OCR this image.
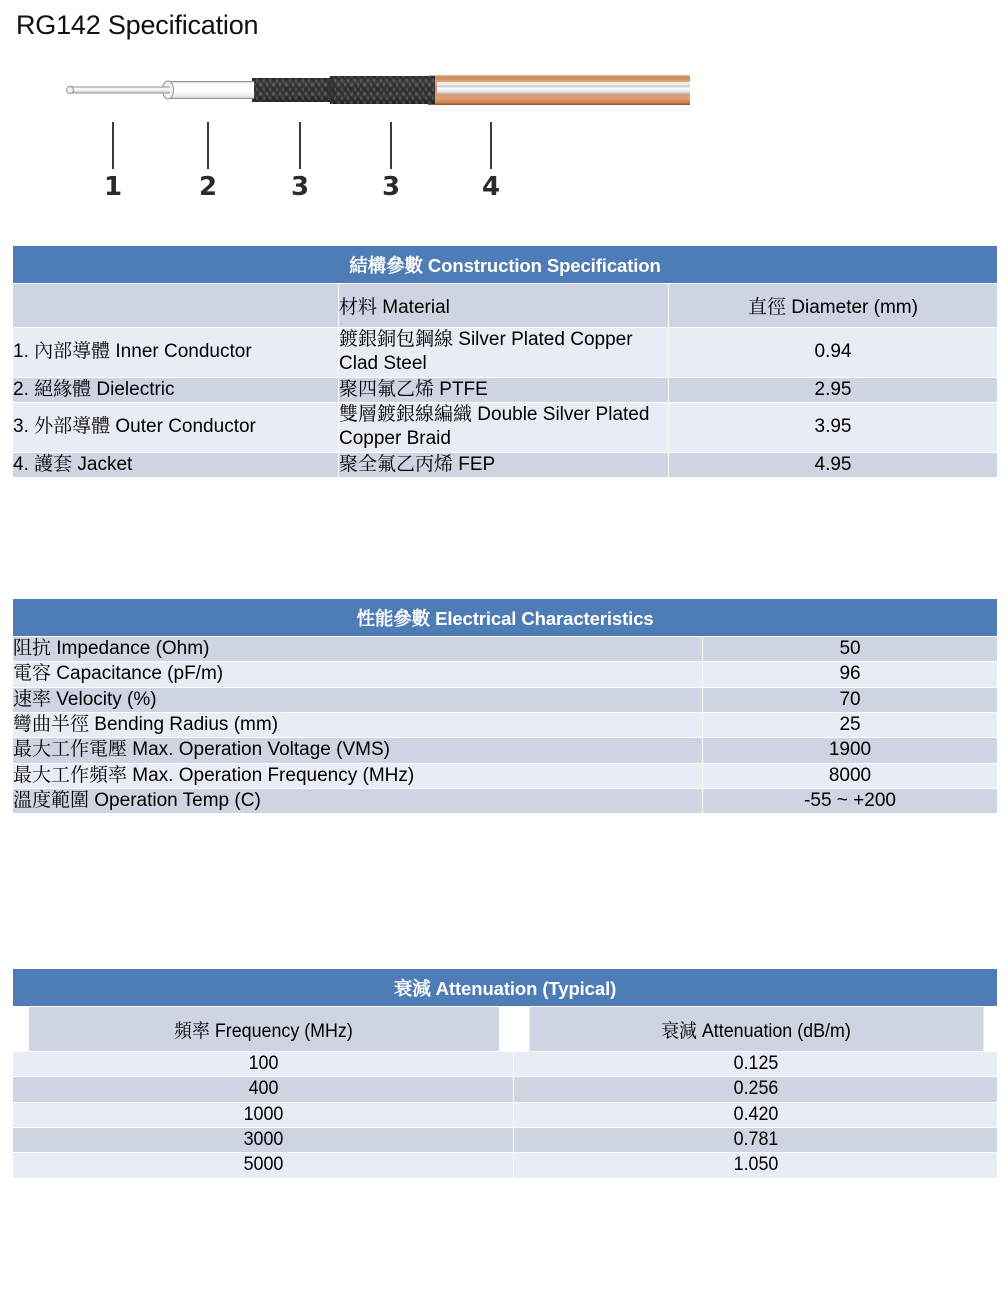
RG142 Specification
1	2	3	3	4
結構參數 Construction Specification		
	材料 Material	直徑 Diameter (mm)
1. 內部導體 Inner Conductor	鍍銀銅包鋼線 Silver Plated Copper Clad Steel	0.94
2. 絕緣體 Dielectric	聚四氟乙烯 PTFE	2.95
3. 外部導體 Outer Conductor	雙層鍍銀線編織 Double Silver Plated Copper Braid	3.95
4. 護套 Jacket	聚全氟乙丙烯 FEP	4.95
性能參數 Electrical Characteristics	
阻抗 Impedance (Ohm)	50
電容 Capacitance (pF/m)	96
速率 Velocity (%)	70
彎曲半徑 Bending Radius (mm)	25
最大工作電壓 Max. Operation Voltage (VMS)	1900
最大工作頻率 Max. Operation Frequency (MHz)	8000
溫度範圍 Operation Temp (C)	-55 ~ +200
衰減 Attenuation (Typical)	
頻率 Frequency (MHz)	衰減 Attenuation (dB/m)
100	0.125
400	0.256
1000	0.420
3000	0.781
5000	1.050
